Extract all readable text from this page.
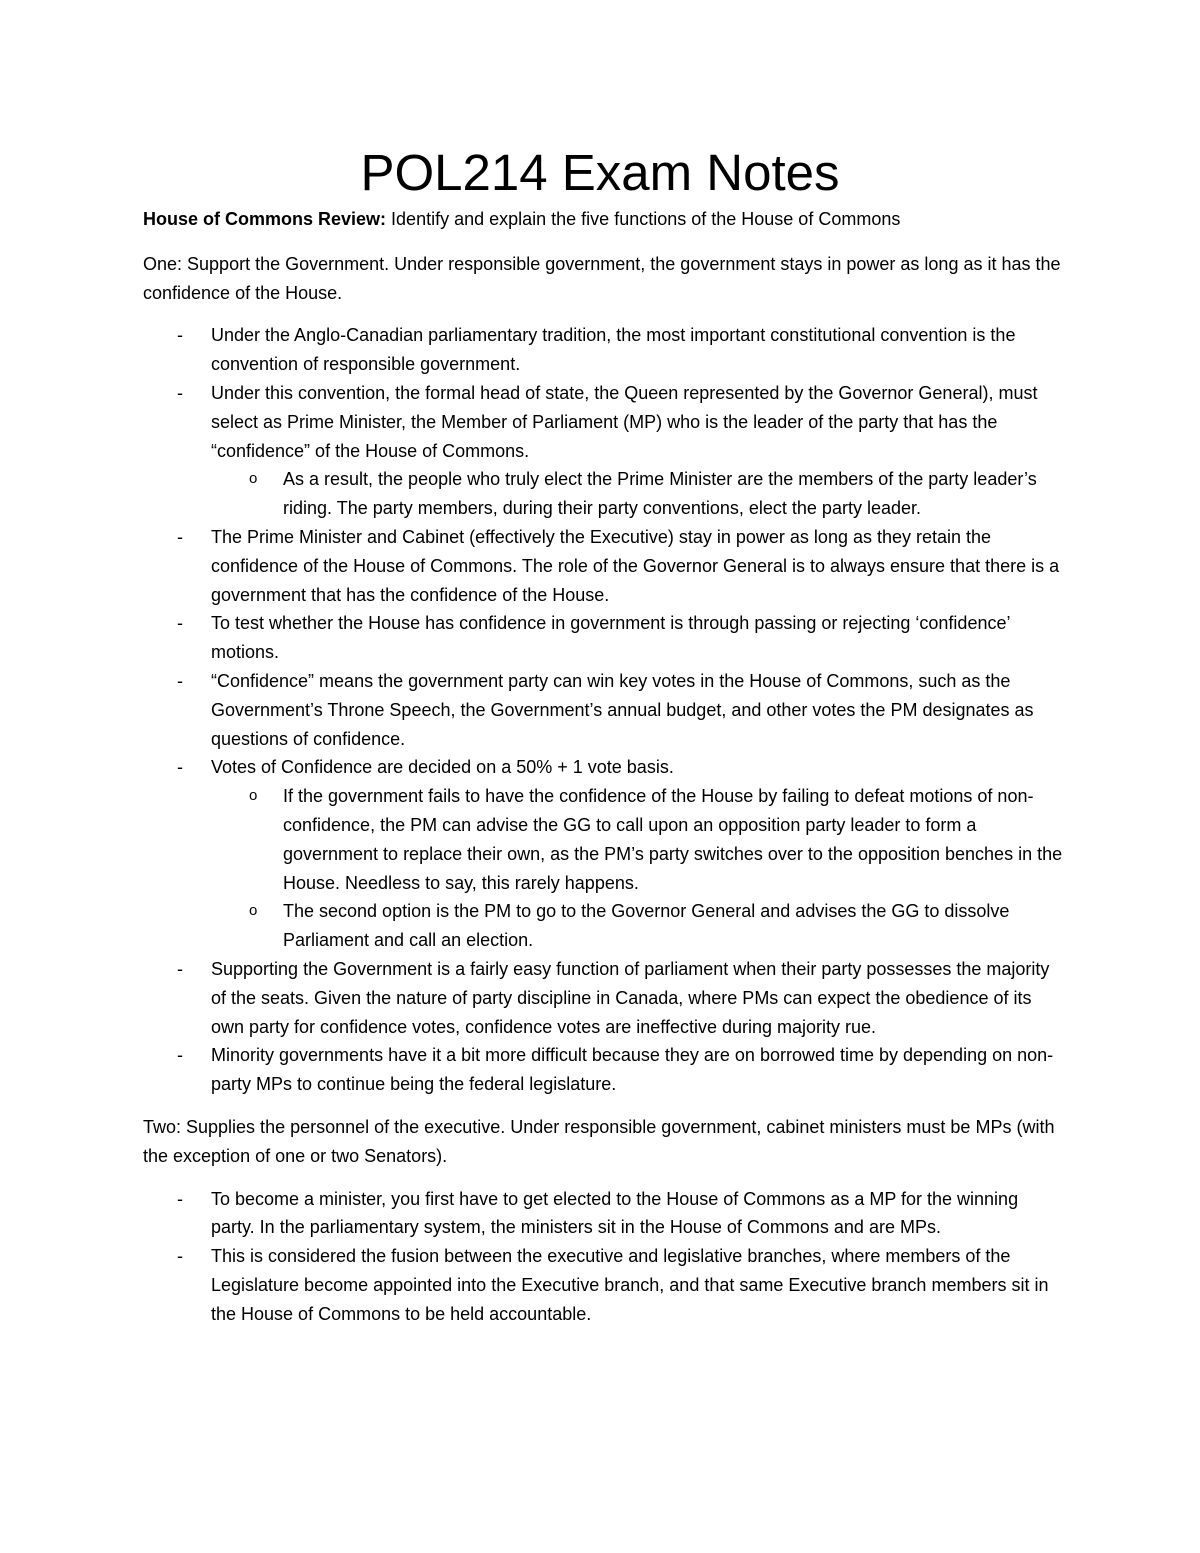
POL214 Exam Notes

House of Commons Review: Identify and explain the five functions of the House of Commons

One: Support the Government. Under responsible government, the government stays in power as long as it has the confidence of the House.

- Under the Anglo-Canadian parliamentary tradition, the most important constitutional convention is the convention of responsible government.
- Under this convention, the formal head of state, the Queen represented by the Governor General), must select as Prime Minister, the Member of Parliament (MP) who is the leader of the party that has the “confidence” of the House of Commons.
o As a result, the people who truly elect the Prime Minister are the members of the party leader’s riding. The party members, during their party conventions, elect the party leader.
- The Prime Minister and Cabinet (effectively the Executive) stay in power as long as they retain the confidence of the House of Commons. The role of the Governor General is to always ensure that there is a government that has the confidence of the House.
- To test whether the House has confidence in government is through passing or rejecting ‘confidence’ motions.
- “Confidence” means the government party can win key votes in the House of Commons, such as the Government’s Throne Speech, the Government’s annual budget, and other votes the PM designates as questions of confidence.
- Votes of Confidence are decided on a 50% + 1 vote basis.
o If the government fails to have the confidence of the House by failing to defeat motions of non-confidence, the PM can advise the GG to call upon an opposition party leader to form a government to replace their own, as the PM’s party switches over to the opposition benches in the House. Needless to say, this rarely happens.
o The second option is the PM to go to the Governor General and advises the GG to dissolve Parliament and call an election.
- Supporting the Government is a fairly easy function of parliament when their party possesses the majority of the seats. Given the nature of party discipline in Canada, where PMs can expect the obedience of its own party for confidence votes, confidence votes are ineffective during majority rue.
- Minority governments have it a bit more difficult because they are on borrowed time by depending on non-party MPs to continue being the federal legislature.

Two: Supplies the personnel of the executive. Under responsible government, cabinet ministers must be MPs (with the exception of one or two Senators).

- To become a minister, you first have to get elected to the House of Commons as a MP for the winning party. In the parliamentary system, the ministers sit in the House of Commons and are MPs.
- This is considered the fusion between the executive and legislative branches, where members of the Legislature become appointed into the Executive branch, and that same Executive branch members sit in the House of Commons to be held accountable.
